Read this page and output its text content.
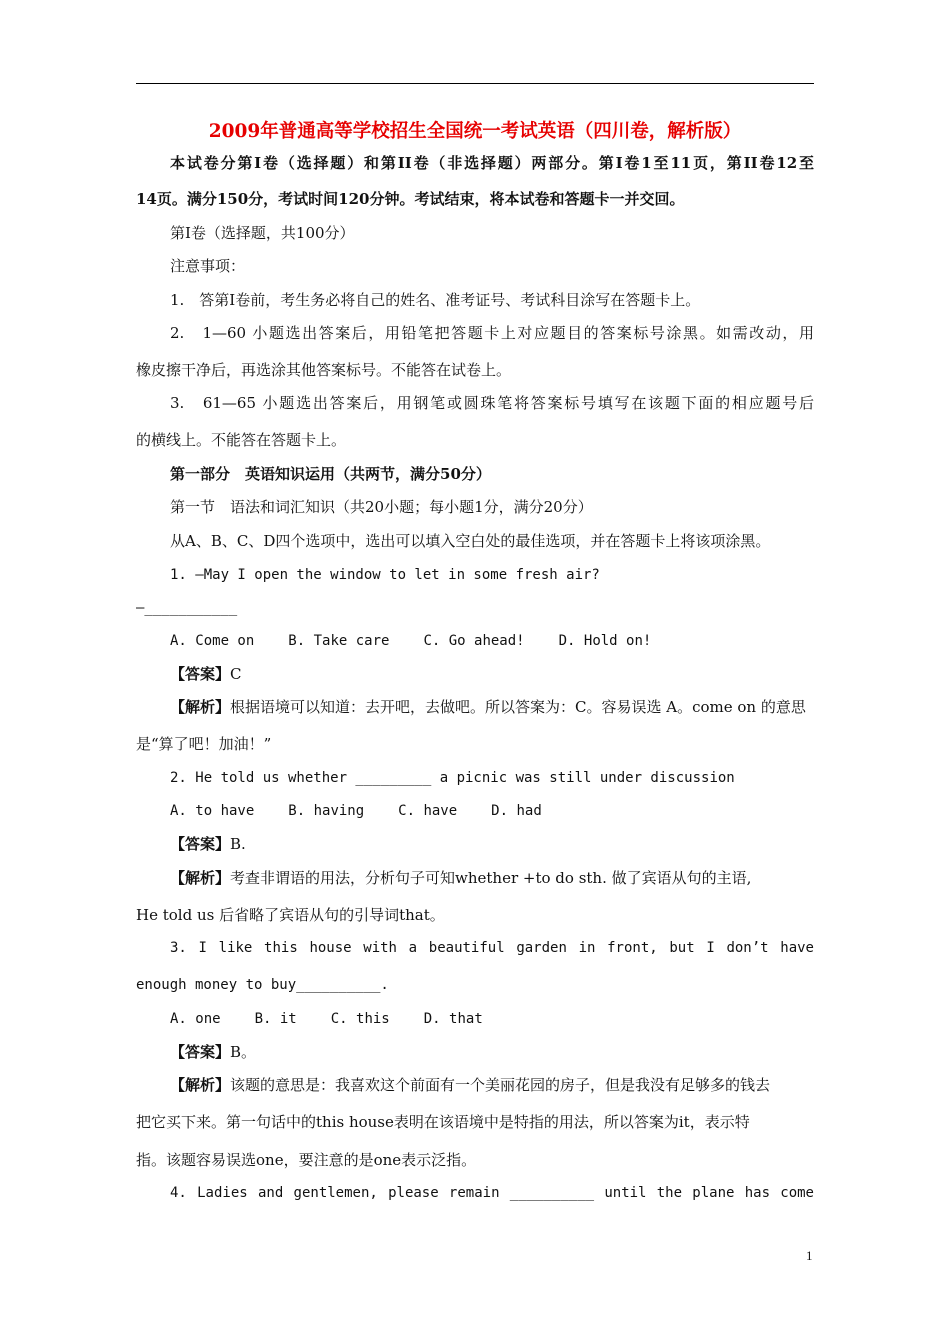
2009年普通高等学校招生全国统一考试英语（四川卷，解析版）
本试卷分第Ⅰ卷（选择题）和第II卷（非选择题）两部分。第Ⅰ卷1至11页，第II卷12至
14页。满分150分，考试时间120分钟。考试结束，将本试卷和答题卡一并交回。
第Ⅰ卷（选择题，共100分）
注意事项：
1.　答第Ⅰ卷前，考生务必将自己的姓名、准考证号、考试科目涂写在答题卡上。
2.　1—60 小题选出答案后，用铅笔把答题卡上对应题目的答案标号涂黑。如需改动，用
橡皮擦干净后，再选涂其他答案标号。不能答在试卷上。
3.　61—65 小题选出答案后，用钢笔或圆珠笔将答案标号填写在该题下面的相应题号后
的横线上。不能答在答题卡上。
第一部分　英语知识运用（共两节，满分50分）
第一节　语法和词汇知识（共20小题；每小题1分，满分20分）
从A、B、C、D四个选项中，选出可以填入空白处的最佳选项，并在答题卡上将该项涂黑。
1. —May I open the window to let in some fresh air?
—___________
A. Come on B. Take care C. Go ahead! D. Hold on!
【答案】C
【解析】根据语境可以知道：去开吧，去做吧。所以答案为：C。容易误选 A。come on 的意思
是“算了吧！加油！”
2. He told us whether _________ a picnic was still under discussion
A. to have B. having C. have D. had
【答案】B.
【解析】考查非谓语的用法，分析句子可知whether +to do sth. 做了宾语从句的主语,
He told us 后省略了宾语从句的引导词that。
3. I like this house with a beautiful garden in front, but I don’t have
enough money to buy__________.
A. one B. it C. this D. that
【答案】B。
【解析】该题的意思是：我喜欢这个前面有一个美丽花园的房子，但是我没有足够多的钱去
把它买下来。第一句话中的this house表明在该语境中是特指的用法，所以答案为it，表示特
指。该题容易误选one，要注意的是one表示泛指。
4. Ladies and gentlemen, please remain __________ until the plane has come
1
